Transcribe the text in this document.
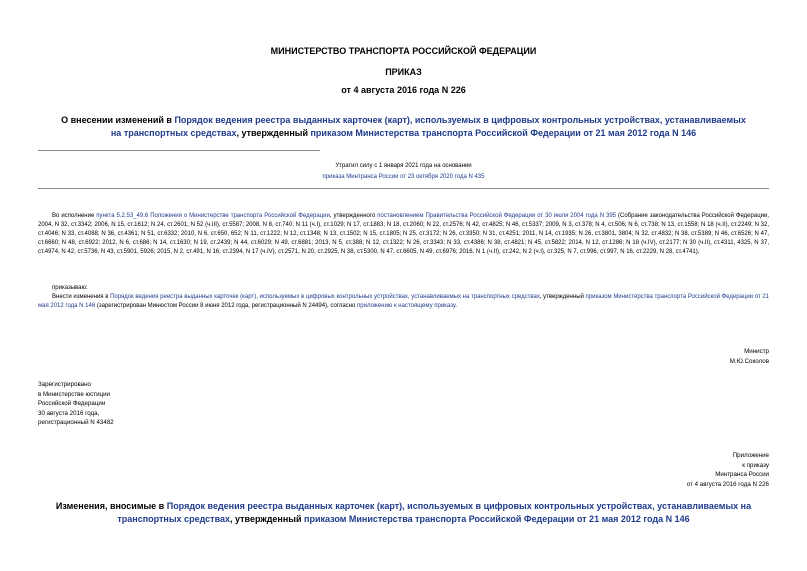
МИНИСТЕРСТВО ТРАНСПОРТА РОССИЙСКОЙ ФЕДЕРАЦИИ
ПРИКАЗ
от 4 августа 2016 года N 226
О внесении изменений в Порядок ведения реестра выданных карточек (карт), используемых в цифровых контрольных устройствах, устанавливаемых на транспортных средствах, утвержденный приказом Министерства транспорта Российской Федерации от 21 мая 2012 года N 146
Утратил силу с 1 января 2021 года на основании
приказа Минтранса России от 23 октября 2020 года N 435
Во исполнение пункта 5.2.53_49.6 Положения о Министерстве транспорта Российской Федерации, утвержденного постановлением Правительства Российской Федерации от 30 июля 2004 года N 395 (Собрание законодательства Российской Федерации, 2004, N 32, ст.3342; 2006, N 15, ст.1612; N 24, ст.2601; N 52 (ч.III), ст.5587; 2008, N 8, ст.740; N 11 (ч.I), ст.1029; N 17, ст.1883; N 18, ст.2060; N 22, ст.2576; N 42, ст.4825; N 46, ст.5337; 2009, N 3, ст.378; N 4, ст.506; N 6, ст.738; N 13, ст.1558; N 18 (ч.II), ст.2249; N 32, ст.4046; N 33, ст.4088; N 36, ст.4361; N 51, ст.6332; 2010, N 6, ст.650, 652; N 11, ст.1222; N 12, ст.1348; N 13, ст.1502; N 15, ст.1805; N 25, ст.3172; N 26, ст.3350; N 31, ст.4251; 2011, N 14, ст.1935; N 26, ст.3801, 3804; N 32, ст.4832; N 38, ст.5389; N 46, ст.6526; N 47, ст.6660; N 48, ст.6922; 2012, N 6, ст.686; N 14, ст.1630; N 19, ст.2439; N 44, ст.6029; N 49, ст.6881; 2013, N 5, ст.388; N 12, ст.1322; N 26, ст.3343; N 33, ст.4386; N 38, ст.4821; N 45, ст.5822; 2014, N 12, ст.1286; N 18 (ч.IV), ст.2177; N 30 (ч.II), ст.4311, 4325, N 37, ст.4974, N 42, ст.5736, N 43, ст.5901, 5926; 2015, N 2, ст.491, N 16, ст.2394, N 17 (ч.IV), ст.2571, N 20, ст.2925, N 38, ст.5300, N 47, ст.6605, N 49, ст.6976; 2016, N 1 (ч.II), ст.242, N 2 (ч.I), ст.325, N 7, ст.996, ст.997, N 16, ст.2229, N 28, ст.4741),
приказываю:
Внести изменения в Порядок ведения реестра выданных карточек (карт), используемых в цифровых контрольных устройствах, устанавливаемых на транспортных средствах, утвержденный приказом Министерства транспорта Российской Федерации от 21 мая 2012 года N 146 (зарегистрирован Минюстом России 8 июня 2012 года, регистрационный N 24494), согласно приложению к настоящему приказу.
Министр
М.Ю.Соколов
Зарегистрировано
в Министерстве юстиции
Российской Федерации
30 августа 2016 года,
регистрационный N 43482
Приложение
к приказу
Минтранса России
от 4 августа 2016 года N 226
Изменения, вносимые в Порядок ведения реестра выданных карточек (карт), используемых в цифровых контрольных устройствах, устанавливаемых на транспортных средствах, утвержденный приказом Министерства транспорта Российской Федерации от 21 мая 2012 года N 146
